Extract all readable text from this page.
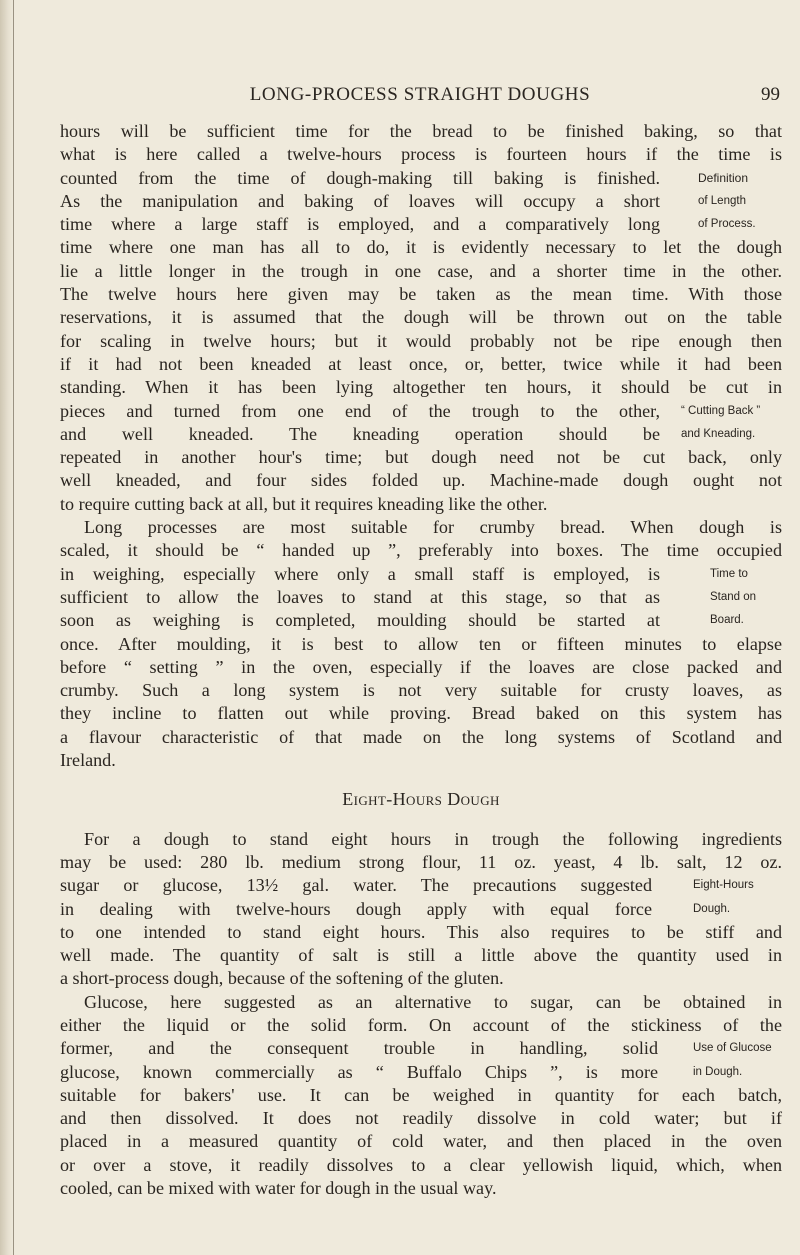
LONG-PROCESS STRAIGHT DOUGHS	99
hours will be sufficient time for the bread to be finished baking, so that
what is here called a twelve-hours process is fourteen hours if the time is
counted from the time of dough-making till baking is finished.	Definition
As the manipulation and baking of loaves will occupy a short	of Length
time where a large staff is employed, and a comparatively long	of Process.
time where one man has all to do, it is evidently necessary to let the dough
lie a little longer in the trough in one case, and a shorter time in the other.
The twelve hours here given may be taken as the mean time. With those
reservations, it is assumed that the dough will be thrown out on the table
for scaling in twelve hours; but it would probably not be ripe enough then
if it had not been kneaded at least once, or, better, twice while it had been
standing. When it has been lying altogether ten hours, it should be cut in
pieces and turned from one end of the trough to the other, “ Cutting Back ”
and well kneaded. The kneading operation should be and Kneading.
repeated in another hour's time; but dough need not be cut back, only
well kneaded, and four sides folded up. Machine-made dough ought not
to require cutting back at all, but it requires kneading like the other.
Long processes are most suitable for crumby bread. When dough is
scaled, it should be “ handed up ”, preferably into boxes. The time occupied
in weighing, especially where only a small staff is employed, is	Time to
sufficient to allow the loaves to stand at this stage, so that as	Stand on
soon as weighing is completed, moulding should be started at	Board.
once. After moulding, it is best to allow ten or fifteen minutes to elapse
before “ setting ” in the oven, especially if the loaves are close packed and
crumby. Such a long system is not very suitable for crusty loaves, as
they incline to flatten out while proving. Bread baked on this system has
a flavour characteristic of that made on the long systems of Scotland and
Ireland.
Eight-Hours Dough
For a dough to stand eight hours in trough the following ingredients
may be used: 280 lb. medium strong flour, 11 oz. yeast, 4 lb. salt, 12 oz.
sugar or glucose, 13½ gal. water. The precautions suggested	Eight-Hours
in dealing with twelve-hours dough apply with equal force	Dough.
to one intended to stand eight hours. This also requires to be stiff and
well made. The quantity of salt is still a little above the quantity used in
a short-process dough, because of the softening of the gluten.
Glucose, here suggested as an alternative to sugar, can be obtained in
either the liquid or the solid form. On account of the stickiness of the
former, and the consequent trouble in handling, solid	Use of Glucose
glucose, known commercially as “ Buffalo Chips ”, is more	in Dough.
suitable for bakers' use. It can be weighed in quantity for each batch,
and then dissolved. It does not readily dissolve in cold water; but if
placed in a measured quantity of cold water, and then placed in the oven
or over a stove, it readily dissolves to a clear yellowish liquid, which, when
cooled, can be mixed with water for dough in the usual way.
